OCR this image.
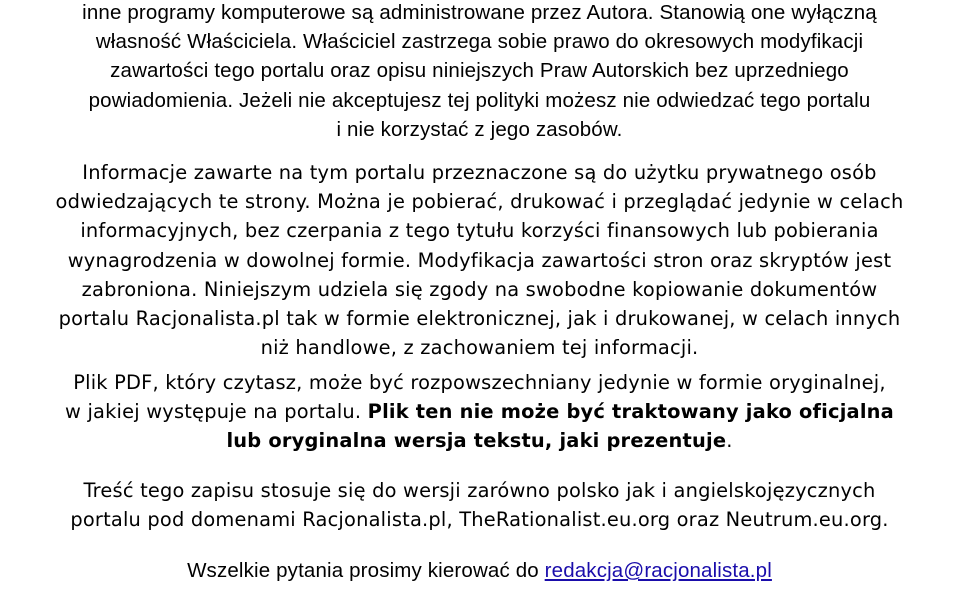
inne programy komputerowe są administrowane przez Autora. Stanowią one wyłączną
własność Właściciela. Właściciel zastrzega sobie prawo do okresowych modyfikacji
zawartości tego portalu oraz opisu niniejszych Praw Autorskich bez uprzedniego
powiadomienia. Jeżeli nie akceptujesz tej polityki możesz nie odwiedzać tego portalu
i nie korzystać z jego zasobów.

Informacje zawarte na tym portalu przeznaczone są do użytku prywatnego osób
odwiedzających te strony. Można je pobierać, drukować i przeglądać jedynie w celach
informacyjnych, bez czerpania z tego tytułu korzyści finansowych lub pobierania
wynagrodzenia w dowolnej formie. Modyfikacja zawartości stron oraz skryptów jest
zabroniona. Niniejszym udziela się zgody na swobodne kopiowanie dokumentów
portalu Racjonalista.pl tak w formie elektronicznej, jak i drukowanej, w celach innych
niż handlowe, z zachowaniem tej informacji.

Plik PDF, który czytasz, może być rozpowszechniany jedynie w formie oryginalnej,
w jakiej występuje na portalu. Plik ten nie może być traktowany jako oficjalna
lub oryginalna wersja tekstu, jaki prezentuje.

Treść tego zapisu stosuje się do wersji zarówno polsko jak i angielskojęzycznych
portalu pod domenami Racjonalista.pl, TheRationalist.eu.org oraz Neutrum.eu.org.

Wszelkie pytania prosimy kierować do redakcja@racjonalista.pl
